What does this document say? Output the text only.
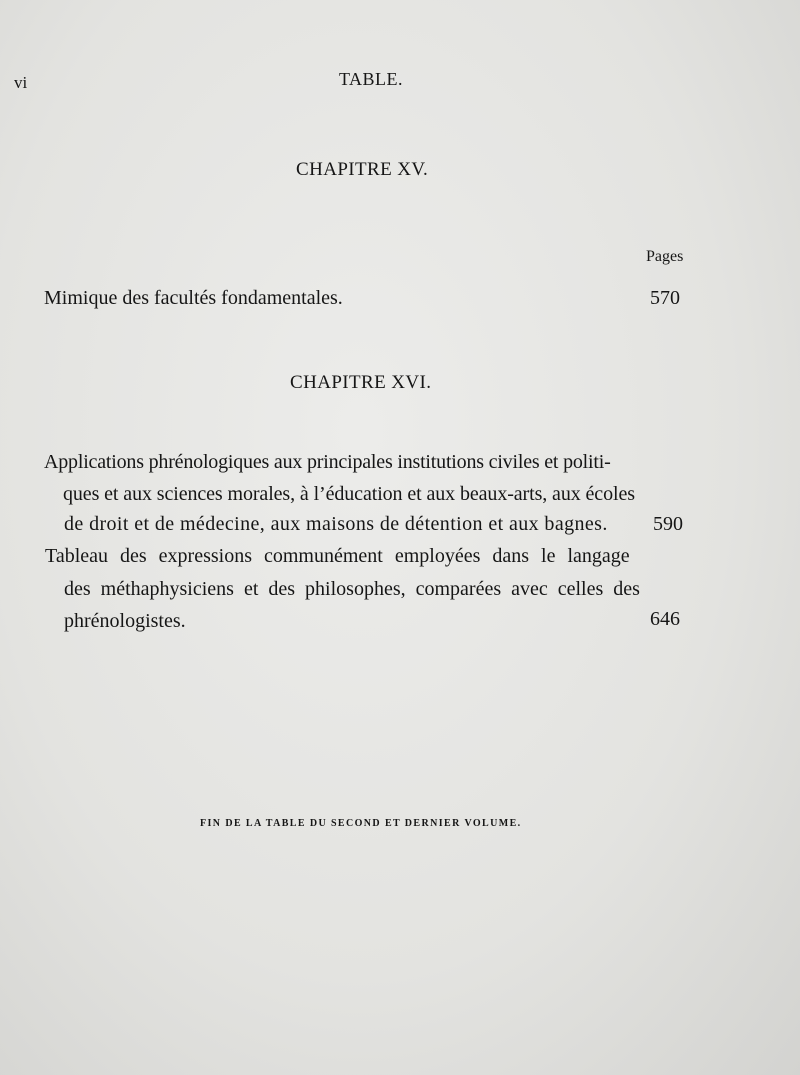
vi	TABLE.
CHAPITRE XV.
Pages
Mimique des facultés fondamentales.	570
CHAPITRE XVI.
Applications phrénologiques aux principales institutions civiles et politi-
ques et aux sciences morales, à l’éducation et aux beaux-arts, aux écoles
de droit et de médecine, aux maisons de détention et aux bagnes. 590
Tableau des expressions communément employées dans le langage
des méthaphysiciens et des philosophes, comparées avec celles des
phrénologistes.	646
FIN DE LA TABLE DU SECOND ET DERNIER VOLUME.
